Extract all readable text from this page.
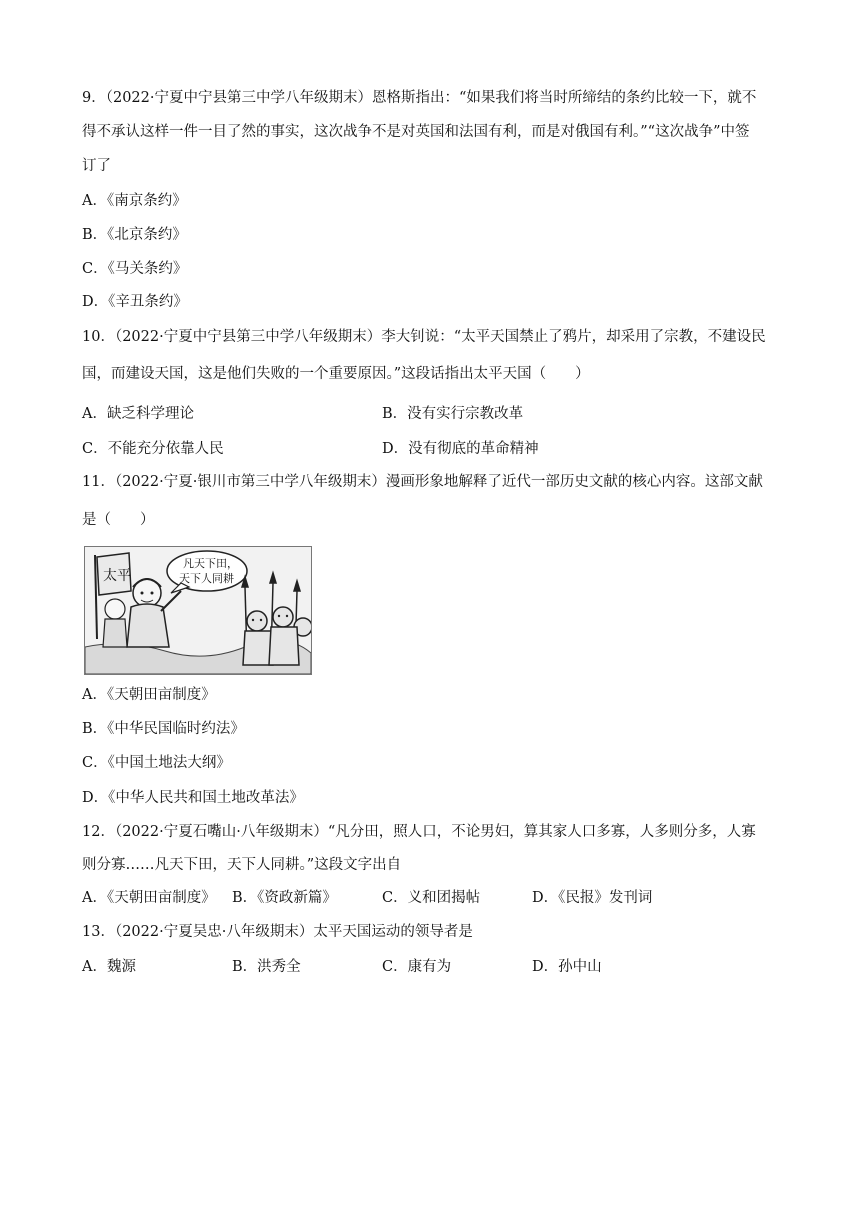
9．（2022·宁夏中宁县第三中学八年级期末）恩格斯指出：“如果我们将当时所缔结的条约比较一下，就不
得不承认这样一件一目了然的事实，这次战争不是对英国和法国有利，而是对俄国有利。”“这次战争”中签
订了
A．《南京条约》
B．《北京条约》
C．《马关条约》
D．《辛丑条约》
10．（2022·宁夏中宁县第三中学八年级期末）李大钊说：“太平天国禁止了鸦片，却采用了宗教，不建设民
国，而建设天国，这是他们失败的一个重要原因。”这段话指出太平天国（　　）
A．缺乏科学理论	B．没有实行宗教改革
C．不能充分依靠人民	D．没有彻底的革命精神
11．（2022·宁夏·银川市第三中学八年级期末）漫画形象地解释了近代一部历史文献的核心内容。这部文献
是（　　）
太平
凡天下田，
天下人同耕
A．《天朝田亩制度》
B．《中华民国临时约法》
C．《中国土地法大纲》
D．《中华人民共和国土地改革法》
12．（2022·宁夏石嘴山·八年级期末）“凡分田，照人口，不论男妇，算其家人口多寡，人多则分多，人寡
则分寡……凡天下田，天下人同耕。”这段文字出自
A．《天朝田亩制度》 B．《资政新篇》	C．义和团揭帖	D．《民报》发刊词
13．（2022·宁夏吴忠·八年级期末）太平天国运动的领导者是
A．魏源	B．洪秀全	C．康有为	D．孙中山
